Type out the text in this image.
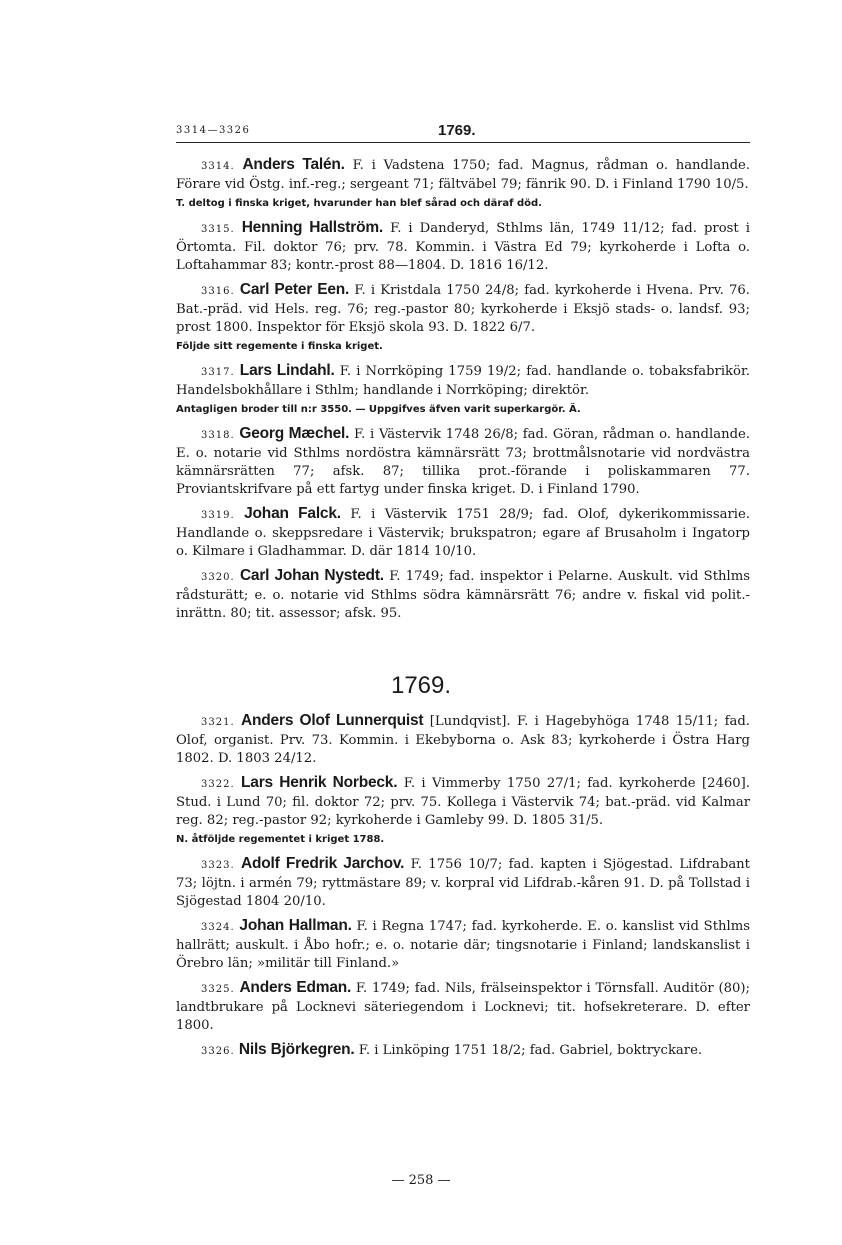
3314—3326	1769.
3314. Anders Talén. F. i Vadstena 1750; fad. Magnus, rådman o. handlande. Förare vid Östg. inf.-reg.; sergeant 71; fältväbel 79; fänrik 90. D. i Finland 1790 10/5.
T. deltog i finska kriget, hvarunder han blef sårad och däraf död.
3315. Henning Hallström. F. i Danderyd, Sthlms län, 1749 11/12; fad. prost i Örtomta. Fil. doktor 76; prv. 78. Kommin. i Västra Ed 79; kyrkoherde i Lofta o. Loftahammar 83; kontr.-prost 88—1804. D. 1816 16/12.
3316. Carl Peter Een. F. i Kristdala 1750 24/8; fad. kyrkoherde i Hvena. Prv. 76. Bat.-präd. vid Hels. reg. 76; reg.-pastor 80; kyrkoherde i Eksjö stads- o. landsf. 93; prost 1800. Inspektor för Eksjö skola 93. D. 1822 6/7.
Följde sitt regemente i finska kriget.
3317. Lars Lindahl. F. i Norrköping 1759 19/2; fad. handlande o. tobaksfabrikör. Handelsbokhållare i Sthlm; handlande i Norrköping; direktör.
Antagligen broder till n:r 3550. — Uppgifves äfven varit superkargör. Ä.
3318. Georg Mæchel. F. i Västervik 1748 26/8; fad. Göran, rådman o. handlande. E. o. notarie vid Sthlms nordöstra kämnärsrätt 73; brottmålsnotarie vid nordvästra kämnärsrätten 77; afsk. 87; tillika prot.-förande i poliskammaren 77. Proviantskrifvare på ett fartyg under finska kriget. D. i Finland 1790.
3319. Johan Falck. F. i Västervik 1751 28/9; fad. Olof, dykerikommissarie. Handlande o. skeppsredare i Västervik; brukspatron; egare af Brusaholm i Ingatorp o. Kilmare i Gladhammar. D. där 1814 10/10.
3320. Carl Johan Nystedt. F. 1749; fad. inspektor i Pelarne. Auskult. vid Sthlms rådsturätt; e. o. notarie vid Sthlms södra kämnärsrätt 76; andre v. fiskal vid polit.-inrättn. 80; tit. assessor; afsk. 95.
1769.
3321. Anders Olof Lunnerquist [Lundqvist]. F. i Hagebyhöga 1748 15/11; fad. Olof, organist. Prv. 73. Kommin. i Ekebyborna o. Ask 83; kyrkoherde i Östra Harg 1802. D. 1803 24/12.
3322. Lars Henrik Norbeck. F. i Vimmerby 1750 27/1; fad. kyrkoherde [2460]. Stud. i Lund 70; fil. doktor 72; prv. 75. Kollega i Västervik 74; bat.-präd. vid Kalmar reg. 82; reg.-pastor 92; kyrkoherde i Gamleby 99. D. 1805 31/5.
N. åtföljde regementet i kriget 1788.
3323. Adolf Fredrik Jarchov. F. 1756 10/7; fad. kapten i Sjögestad. Lifdrabant 73; löjtn. i armén 79; ryttmästare 89; v. korpral vid Lifdrab.-kåren 91. D. på Tollstad i Sjögestad 1804 20/10.
3324. Johan Hallman. F. i Regna 1747; fad. kyrkoherde. E. o. kanslist vid Sthlms hallrätt; auskult. i Åbo hofr.; e. o. notarie där; tingsnotarie i Finland; landskanslist i Örebro län; »militär till Finland.»
3325. Anders Edman. F. 1749; fad. Nils, frälseinspektor i Törnsfall. Auditör (80); landtbrukare på Locknevi säteriegendom i Locknevi; tit. hofsekreterare. D. efter 1800.
3326. Nils Björkegren. F. i Linköping 1751 18/2; fad. Gabriel, boktryckare.
— 258 —
